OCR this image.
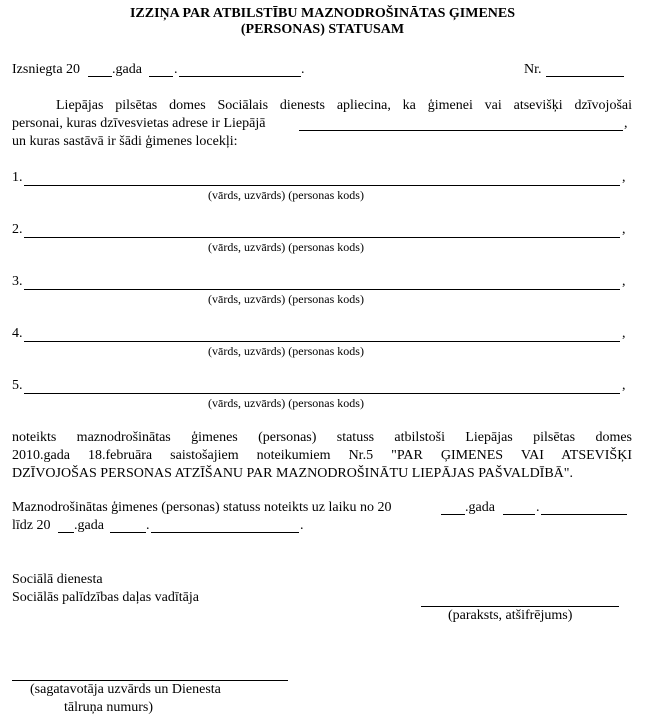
IZZIŅA PAR ATBILSTĪBU MAZNODROŠINĀTAS ĢIMENES
(PERSONAS) STATUSAM
Izsniegta 20 .gada .	.	Nr.
Liepājas pilsētas domes Sociālais dienests apliecina, ka ģimenei vai atsevišķi dzīvojošai
personai, kuras dzīvesvietas adrese ir Liepājā	,
un kuras sastāvā ir šādi ģimenes locekļi:
1.	,
(vārds, uzvārds) (personas kods)
2.	,
(vārds, uzvārds) (personas kods)
3.	,
(vārds, uzvārds) (personas kods)
4.	,
(vārds, uzvārds) (personas kods)
5.	,
(vārds, uzvārds) (personas kods)
noteikts maznodrošinātas ģimenes (personas) statuss atbilstoši Liepājas pilsētas domes
2010.gada 18.februāra saistošajiem noteikumiem Nr.5 "PAR ĢIMENES VAI ATSEVIŠĶI
DZĪVOJOŠAS PERSONAS ATZĪŠANU PAR MAZNODROŠINĀTU LIEPĀJAS PAŠVALDĪBĀ".
Maznodrošinātas ģimenes (personas) statuss noteikts uz laiku no 20	.gada	.
līdz 20 .gada	.	.
Sociālā dienesta
Sociālās palīdzības daļas vadītāja
(paraksts, atšifrējums)
(sagatavotāja uzvārds un Dienesta
tālruņa numurs)
